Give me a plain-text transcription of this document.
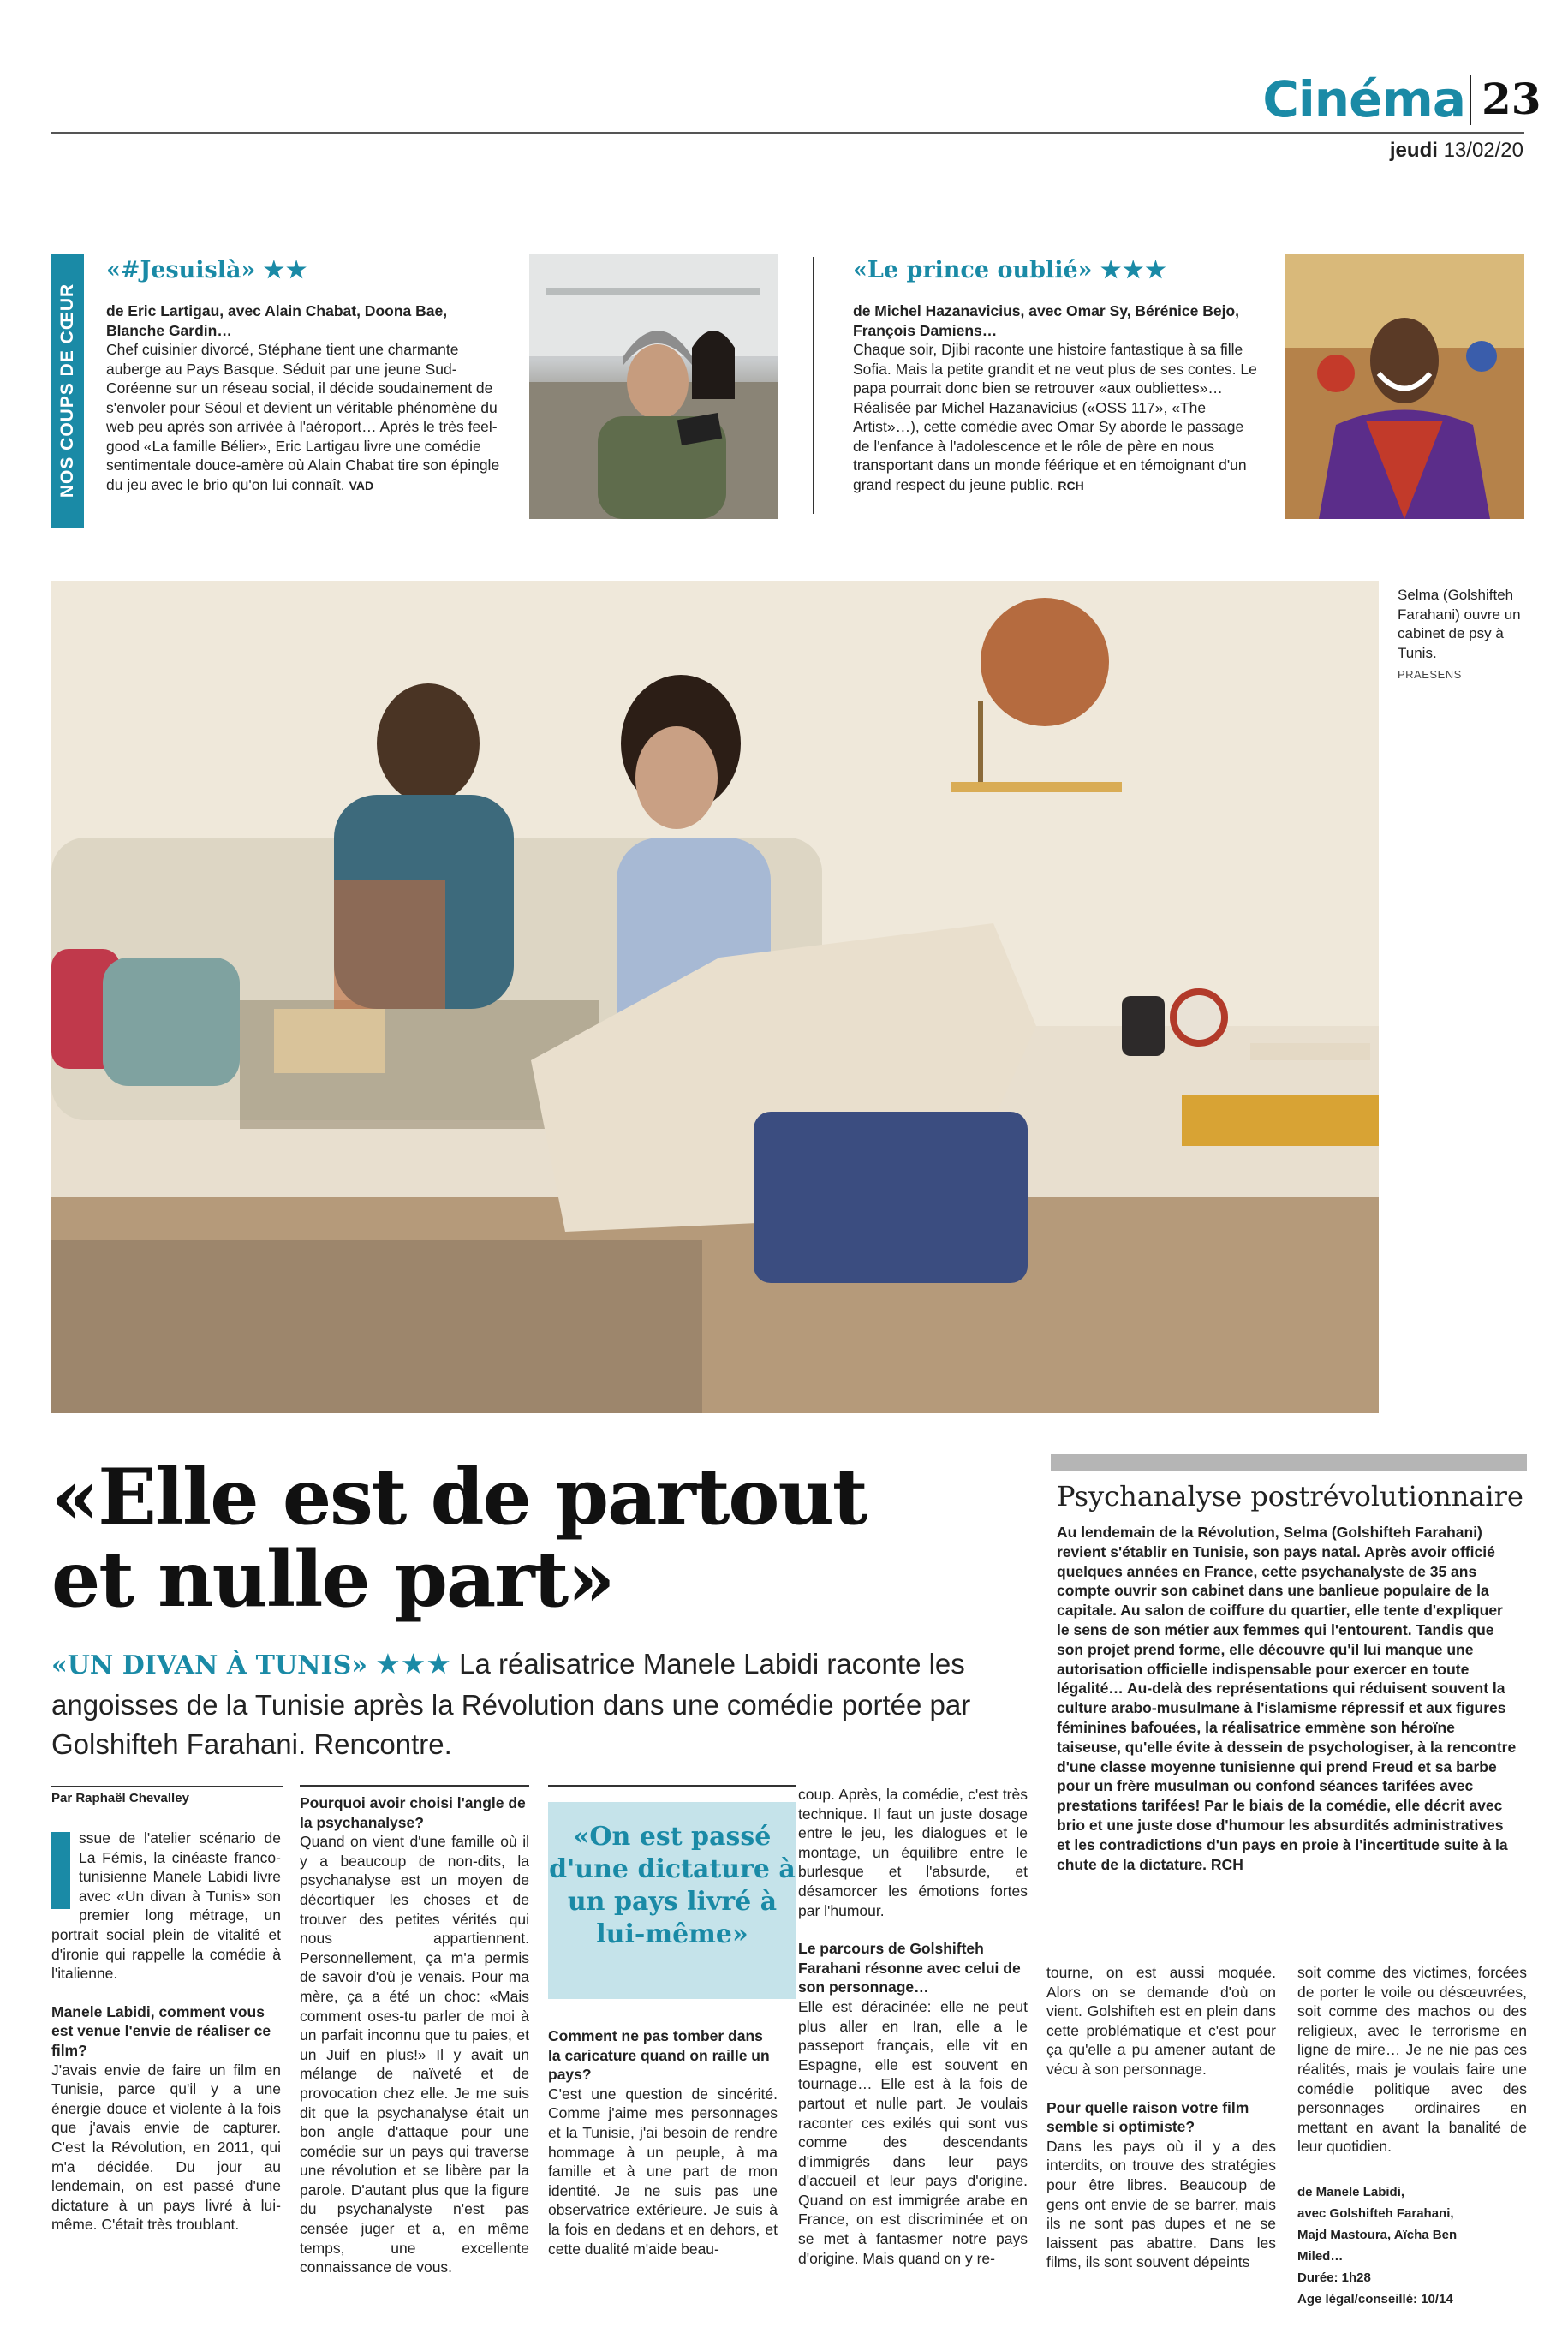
Cinéma 23
jeudi 13/02/20
NOS COUPS DE CŒUR
«#Jesuislà» ★★
de Eric Lartigau, avec Alain Chabat, Doona Bae, Blanche Gardin…
Chef cuisinier divorcé, Stéphane tient une charmante auberge au Pays Basque. Séduit par une jeune Sud-Coréenne sur un réseau social, il décide soudainement de s'envoler pour Séoul et devient un véritable phénomène du web peu après son arrivée à l'aéroport… Après le très feel-good «La famille Bélier», Eric Lartigau livre une comédie sentimentale douce-amère où Alain Chabat tire son épingle du jeu avec le brio qu'on lui connaît. VAD
«Le prince oublié» ★★★
de Michel Hazanavicius, avec Omar Sy, Bérénice Bejo, François Damiens…
Chaque soir, Djibi raconte une histoire fantastique à sa fille Sofia. Mais la petite grandit et ne veut plus de ses contes. Le papa pourrait donc bien se retrouver «aux oubliettes»… Réalisée par Michel Hazanavicius («OSS 117», «The Artist»…), cette comédie avec Omar Sy aborde le passage de l'enfance à l'adolescence et le rôle de père en nous transportant dans un monde féérique et en témoignant d'un grand respect du jeune public. RCH
Selma (Golshifteh Farahani) ouvre un cabinet de psy à Tunis.
PRAESENS
«Elle est de partout
et nulle part»
«UN DIVAN À TUNIS» ★★★ La réalisatrice Manele Labidi raconte les angoisses de la Tunisie après la Révolution dans une comédie portée par Golshifteh Farahani. Rencontre.
Psychanalyse postrévolutionnaire
Au lendemain de la Révolution, Selma (Golshifteh Farahani) revient s'établir en Tunisie, son pays natal. Après avoir officié quelques années en France, cette psychanalyste de 35 ans compte ouvrir son cabinet dans une banlieue populaire de la capitale. Au salon de coiffure du quartier, elle tente d'expliquer le sens de son métier aux femmes qui l'entourent. Tandis que son projet prend forme, elle découvre qu'il lui manque une autorisation officielle indispensable pour exercer en toute légalité… Au-delà des représentations qui réduisent souvent la culture arabo-musulmane à l'islamisme répressif et aux figures féminines bafouées, la réalisatrice emmène son héroïne taiseuse, qu'elle évite à dessein de psychologiser, à la rencontre d'une classe moyenne tunisienne qui prend Freud et sa barbe pour un frère musulman ou confond séances tarifées avec prestations tarifées! Par le biais de la comédie, elle décrit avec brio et une juste dose d'humour les absurdités administratives et les contradictions d'un pays en proie à l'incertitude suite à la chute de la dictature. RCH
Par Raphaël Chevalley

ssue de l'atelier scénario de La Fémis, la cinéaste franco-tunisienne Manele Labidi livre avec «Un divan à Tunis» son premier long métrage, un portrait social plein de vitalité et d'ironie qui rappelle la comédie à l'italienne.

Manele Labidi, comment vous est venue l'envie de réaliser ce film?

J'avais envie de faire un film en Tunisie, parce qu'il y a une énergie douce et violente à la fois que j'avais envie de capturer. C'est la Révolution, en 2011, qui m'a décidée. Du jour au lendemain, on est passé d'une dictature à un pays livré à lui-même. C'était très troublant.

Pourquoi avoir choisi l'angle de la psychanalyse?

Quand on vient d'une famille où il y a beaucoup de non-dits, la psychanalyse est un moyen de décortiquer les choses et de trouver des petites vérités qui nous appartiennent. Personnellement, ça m'a permis de savoir d'où je venais. Pour ma mère, ça a été un choc: «Mais comment oses-tu parler de moi à un parfait inconnu que tu paies, et un Juif en plus!» Il y avait un mélange de naïveté et de provocation chez elle. Je me suis dit que la psychanalyse était un bon angle d'attaque pour une comédie sur un pays qui traverse une révolution et se libère par la parole. D'autant plus que la figure du psychanalyste n'est pas censée juger et a, en même temps, une excellente connaissance de vous.

«On est passé d'une dictature à un pays livré à lui-même»
Comment ne pas tomber dans la caricature quand on raille un pays?

C'est une question de sincérité. Comme j'aime mes personnages et la Tunisie, j'ai besoin de rendre hommage à un peuple, à ma famille et à une part de mon identité. Je ne suis pas une observatrice extérieure. Je suis à la fois en dedans et en dehors, et cette dualité m'aide beau-

coup. Après, la comédie, c'est très technique. Il faut un juste dosage entre le jeu, les dialogues et le montage, un équilibre entre le burlesque et l'absurde, et désamorcer les émotions fortes par l'humour.

Le parcours de Golshifteh Farahani résonne avec celui de son personnage…

Elle est déracinée: elle ne peut plus aller en Iran, elle a le passeport français, elle vit en Espagne, elle est souvent en tournage… Elle est à la fois de partout et nulle part. Je voulais raconter ces exilés qui sont vus comme des descendants d'immigrés dans leur pays d'accueil et leur pays d'origine. Quand on est immigrée arabe en France, on est discriminée et on se met à fantasmer notre pays d'origine. Mais quand on y re-

tourne, on est aussi moquée. Alors on se demande d'où on vient. Golshifteh est en plein dans cette problématique et c'est pour ça qu'elle a pu amener autant de vécu à son personnage.

Pour quelle raison votre film semble si optimiste?

Dans les pays où il y a des interdits, on trouve des stratégies pour être libres. Beaucoup de gens ont envie de se barrer, mais ils ne sont pas dupes et ne se laissent pas abattre. Dans les films, ils sont souvent dépeints

soit comme des victimes, forcées de porter le voile ou désœuvrées, soit comme des machos ou des religieux, avec le terrorisme en ligne de mire… Je ne nie pas ces réalités, mais je voulais faire une comédie politique avec des personnages ordinaires en mettant en avant la banalité de leur quotidien.

de Manele Labidi,
avec Golshifteh Farahani,
Majd Mastoura, Aïcha Ben Miled…
Durée: 1h28
Age légal/conseillé: 10/14
